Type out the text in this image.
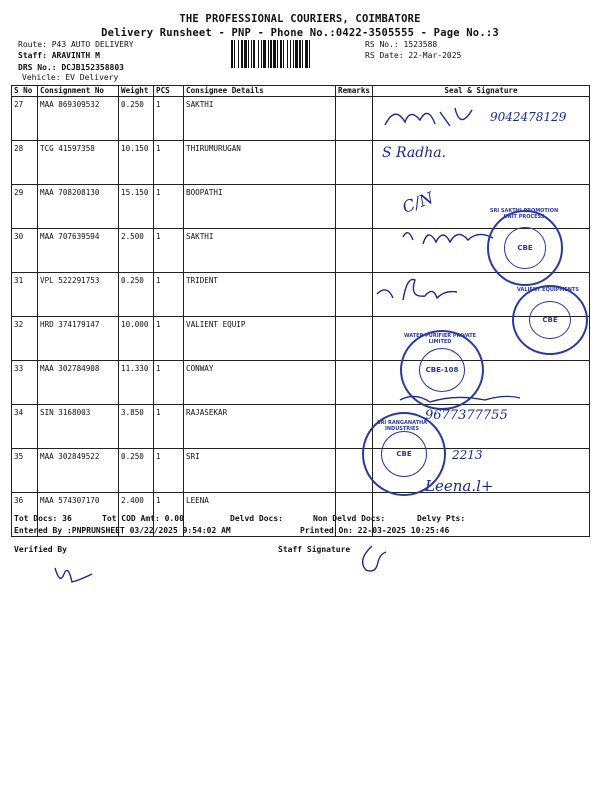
THE PROFESSIONAL COURIERS, COIMBATORE
Delivery Runsheet - PNP - Phone No.:0422-3505555 - Page No.:3
Route: P43 AUTO DELIVERY
Staff: ARAVINTH M
DRS No.: DCJB152358803
Vehicle: EV Delivery
RS No.: 1523588
RS Date: 22-Mar-2025
S No	Consignment No	Weight	PCS	Consignee Details	Remarks	Seal & Signature
27	MAA 869309532	0.250	1	SAKTHI		
28	TCG 41597358	10.150	1	THIRUMURUGAN		
29	MAA 708208130	15.150	1	BOOPATHI		
30	MAA 707639594	2.500	1	SAKTHI		
31	VPL 522291753	0.250	1	TRIDENT		
32	HRD 374179147	10.000	1	VALIENT EQUIP		
33	MAA 302784908	11.330	1	CONWAY		
34	SIN 3168003	3.850	1	RAJASEKAR		
35	MAA 302849522	0.250	1	SRI		
36	MAA 574307170	2.400	1	LEENA		
9042478129
S Radha.
C/N
9677377755
2213
Leena.l+
CBE
SRI SAKTHI PROMOTION UNIT PROCESS
CBE
VALIENT EQUIPMENTS
CBE-108
WATER PURIFIER PRIVATE LIMITED
CBE
SRI RANGANATHA INDUSTRIES
Tot Docs: 36	Tot COD Amt: 0.00	Delvd Docs:	Non Delvd Docs:	Delvy Pts:
Entered By :PNPRUNSHEET 03/22/2025 9:54:02 AM	Printed On: 22-03-2025 10:25:46
Verified By	Staff Signature
